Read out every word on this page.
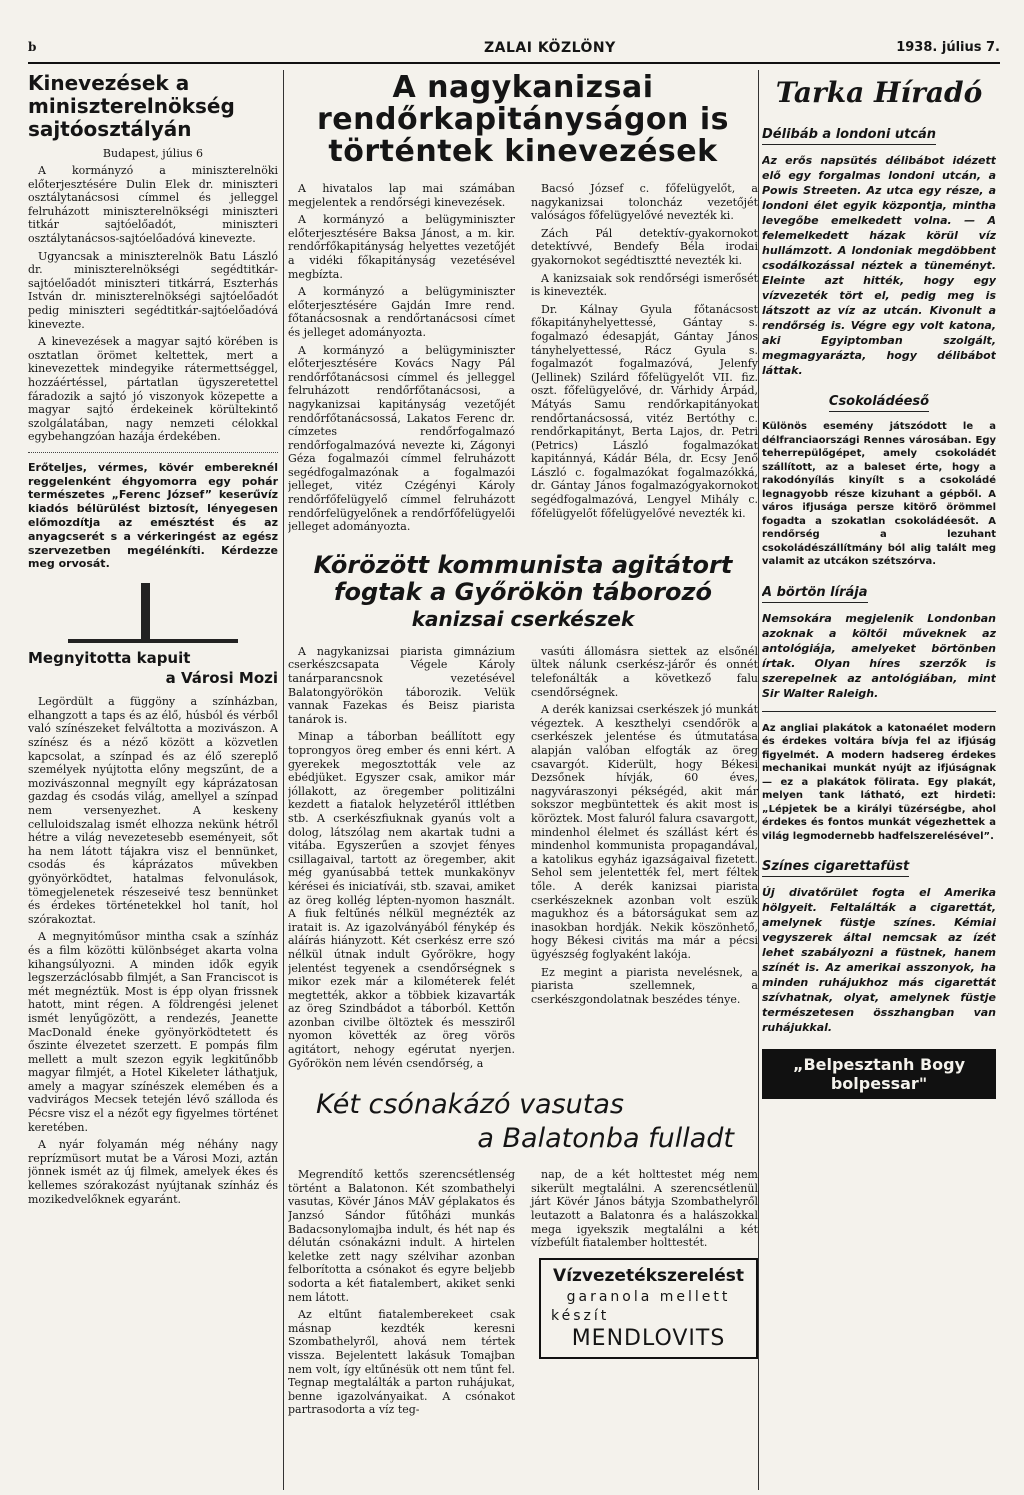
b	ZALAI KÖZLÖNY	1938. július 7.
Kinevezések a miniszterelnökség sajtóosztályán
Budapest, július 6

A kormányzó a miniszterelnöki előterjesztésére Dulin Elek dr. miniszteri osztálytanácsosi címmel és jelleggel felruházott miniszterelnökségi miniszteri titkár sajtóelőadót, miniszteri osztálytanácsos-sajtóelőadóvá kinevezte.

Ugyancsak a miniszterelnök Batu László dr. miniszterelnökségi segédtitkár-sajtóelőadót miniszteri titkárrá, Eszterhás István dr. miniszterelnökségi sajtóelőadót pedig miniszteri segédtitkár-sajtóelőadóvá kinevezte.

A kinevezések a magyar sajtó körében is osztatlan örömet keltettek, mert a kinevezettek mindegyike rátermettséggel, hozzáértéssel, pártatlan ügyszeretettel fáradozik a sajtó jó viszonyok közepette a magyar sajtó érdekeinek körültekintő szolgálatában, nagy nemzeti célokkal egybehangzóan hazája érdekében.

Erőteljes, vérmes, kövér embereknél reggelenként éhgyomorra egy pohár természetes „Ferenc József” keserűvíz kiadós bélürülést biztosít, lényegesen előmozdítja az emésztést és az anyagcserét s a vérkeringést az egész szervezetben megélénkíti. Kérdezze meg orvosát.
Megnyitotta kapuit
a Városi Mozi

Legördült a függöny a színházban, elhangzott a taps és az élő, húsból és vérből való színészeket felváltotta a mozivászon. A színész és a néző között a közvetlen kapcsolat, a színpad és az élő szereplő személyek nyújtotta előny megszűnt, de a mozivászonnal megnyílt egy káprázatosan gazdag és csodás világ, amellyel a színpad nem versenyezhet. A keskeny celluloidszalag ismét elhozza nekünk hétről hétre a világ nevezetesebb eseményeit, sőt ha nem látott tájakra visz el bennünket, csodás és káprázatos művekben gyönyörködtet, hatalmas felvonulások, tömegjelenetek részeseivé tesz bennünket és érdekes történetekkel hol tanít, hol szórakoztat.

A megnyitóműsor mintha csak a színház és a film közötti különbséget akarta volna kihangsúlyozni. A minden idők egyik legszerzáclósabb filmjét, a San Franciscot is mét megnéztük. Most is épp olyan frissnek hatott, mint régen. A földrengési jelenet ismét lenyűgözött, a rendezés, Jeanette MacDonald éneke gyönyörködtetett és őszinte élvezetet szerzett. E pompás film mellett a mult szezon egyik legkitűnőbb magyar filmjét, a Hotel Kikeleteт láthatjuk, amely a magyar színészek elemében és a vadvirágos Mecsek tetején lévő szálloda és Pécsre visz el a nézőt egy figyelmes történet keretében.

A nyár folyamán még néhány nagy reprízmüsort mutat be a Városi Mozi, aztán jönnek ismét az új filmek, amelyek ékes és kellemes szórakozást nyújtanak színház és mozikedvelőknek egyaránt.

A nagykanizsai rendőrkapitányságon is történtek kinevezések

A hivatalos lap mai számában megjelentek a rendőrségi kinevezések.

A kormányzó a belügyminiszter előterjesztésére Baksa Jánost, a m. kir. rendőrfőkapitányság helyettes vezetőjét a vidéki főkapitányság vezetésével megbízta.

A kormányzó a belügyminiszter előterjesztésére Gajdán Imre rend. főtanácsosnak a rendőrtanácsosi címet és jelleget adományozta.

A kormányzó a belügyminiszter előterjesztésére Kovács Nagy Pál rendőrfőtanácsosi címmel és jelleggel felruházott rendőrfőtanácsosi, a nagykanizsai kapitányság vezetőjét rendőrfőtanácsossá, Lakatos Ferenc dr. címzetes rendőrfogalmazó rendőrfogalmazóvá nevezte ki, Zágonyi Géza fogalmazói címmel felruházott segédfogalmazónak a fogalmazói jelleget, vitéz Czégényi Károly rendőrfőfelügyelő címmel felruházott rendőrfelügyelőnek a rendőrfőfelügyelői jelleget adományozta.

Bacsó József c. főfelügyelőt, a nagykanizsai toloncház vezetőjét valóságos főfelügyelővé nevezték ki.

Zách Pál detektív-gyakornokot detektívvé, Bendefy Béla irodai gyakornokot segédtisztté nevezték ki.

A kanizsaiak sok rendőrségi ismerősét is kinevezték.

Dr. Kálnay Gyula főtanácsost főkapitányhelyettessé, Gántay s. fogalmazó édesapját, Gántay János tányhelyettessé, Rácz Gyula s. fogalmazót fogalmazóvá, Jelenfy (Jellinek) Szilárd főfelügyelőt VII. fiz. oszt. főfelügyelővé, dr. Várhidy Árpád, Mátyás Samu rendőrkapitányokat rendőrtanácsossá, vitéz Bertóthy c. rendőrkapitányt, Berta Lajos, dr. Petri (Petrics) László fogalmazókat kapitánnyá, Kádár Béla, dr. Ecsy Jenő László c. fogalmazókat fogalmazókká, dr. Gántay János fogalmazógyakornokot segédfogalmazóvá, Lengyel Mihály c. főfelügyelőt főfelügyelővé nevezték ki.

Körözött kommunista agitátort
fogtak a Győrökön táborozó
kanizsai cserkészek

A nagykanizsai piarista gimnázium cserkészcsapata Végele Károly tanárparancsnok vezetésével Balatongyörökön táborozik. Velük vannak Fazekas és Beisz piarista tanárok is.

Minap a táborban beállított egy toprongyos öreg ember és enni kért. A gyerekek megosztották vele az ebédjüket. Egyszer csak, amikor már jóllakott, az öregember politizálni kezdett a fiatalok helyzetéről ittlétben stb. A cserkészfiuknak gyanús volt a dolog, látszólag nem akartak tudni a vitába. Egyszerűen a szovjet fényes csillagaival, tartott az öregember, akit még gyanúsabbá tettek munkakönyv kérései és iniciatívái, stb. szavai, amiket az öreg kollég lépten-nyomon használt. A fiuk feltűnés nélkül megnézték az iratait is. Az igazolványából fénykép és aláírás hiányzott. Két cserkész erre szó nélkül útnak indult Győrökre, hogy jelentést tegyenek a csendőrségnek s mikor ezek már a kilométerek felét megtették, akkor a többiek kizavarták az öreg Szindbádot a táborból. Kettőn azonban civilbe öltöztek és messziről nyomon követték az öreg vörös agitátort, nehogy egérutat nyerjen. Győrökön nem lévén csendőrség, a

vasúti állomásra siettek az elsőnél ültek nálunk cserkész-járőr és onnét telefonálták a következő falu csendőrségnek.

A derék kanizsai cserkészek jó munkát végeztek. A keszthelyi csendőrök a cserkészek jelentése és útmutatása alapján valóban elfogták az öreg csavargót. Kiderült, hogy Békesi Dezsőnek hívják, 60 éves, nagyváraszonyi pékségéd, akit már sokszor megbüntettek és akit most is köröztek. Most faluról falura csavargott, mindenhol élelmet és szállást kért és mindenhol kommunista propagandával, a katolikus egyház igazságaival fizetett. Sehol sem jelentették fel, mert féltek tőle. A derék kanizsai piarista cserkészeknek azonban volt eszük magukhoz és a bátorságukat sem az inasokban hordják. Nekik köszönhető, hogy Békesi civitás ma már a pécsi ügyészség foglyaként lakója.

Ez megint a piarista nevelésnek, a piarista szellemnek, a cserkészgondolatnak beszédes ténye.

Két csónakázó vasutas
a Balatonba fulladt

Megrendítő kettős szerencsétlenség történt a Balatonon. Két szombathelyi vasutas, Kövér János MÁV géplakatos és Janzsó Sándor fűtőházi munkás Badacsonylomajba indult, és hét nap és délután csónakázni indult. A hirtelen keletke zett nagy szélvihar azonban felborította a csónakot és egyre beljebb sodorta a két fiatalembert, akiket senki nem látott.

Az eltűnt fiatalemberekeet csak másnap kezdték keresni Szombathelyről, ahová nem tértek vissza. Bejelentett lakásuk Tomajban nem volt, így eltűnésük ott nem tűnt fel. Tegnap megtalálták a parton ruhájukat, benne igazolványaikat. A csónakot partrasodorta a víz teg-

nap, de a két holttestet még nem sikerült megtalálni. A szerencsétlenül járt Kövér János bátyja Szombathelyről leutazott a Balatonra és a halászokkal mega igyekszik megtalálni a két vízbefúlt fiatalember holttestét.

Vízvezetékszerelést
garanola mellett
készít
MENDLOVITS
Tarka Híradó
Délibáb a londoni utcán
Az erős napsütés délibábot idézett elő egy forgalmas londoni utcán, a Powis Streeten. Az utca egy része, a londoni élet egyik központja, mintha levegőbe emelkedett volna. — A felemelkedett házak körül víz hullámzott. A londoniak megdöbbent csodálkozással néztek a tüneményt. Eleinte azt hitték, hogy egy vízvezeték tört el, pedig meg is látszott az víz az utcán. Kivonult a rendőrség is. Végre egy volt katona, aki Egyiptomban szolgált, megmagyarázta, hogy délibábot láttak.
Csokoládéeső
Különös esemény játszódott le a délfranciaországi Rennes városában. Egy teherrepülőgépet, amely csokoládét szállított, az a baleset érte, hogy a rakodónyílás kinyílt s a csokoládé legnagyobb része kizuhant a gépből. A város ifjusága persze kitörő örömmel fogadta a szokatlan csokoládéesőt. A rendőrség a lezuhant csokoládészállítmány ból alig talált meg valamit az utcákon szétszórva.
A börtön lírája
Nemsokára megjelenik Londonban azoknak a költői műveknek az antológiája, amelyeket börtönben írtak. Olyan híres szerzők is szerepelnek az antológiában, mint Sir Walter Raleigh.
Az angliai plakátok a katonaélet modern és érdekes voltára bívja fel az ifjúság figyelmét. A modern hadsereg érdekes mechanikai munkát nyújt az ifjúságnak — ez a plakátok fölirata. Egy plakát, melyen tank látható, ezt hirdeti: „Lépjetek be a királyi tüzérségbe, ahol érdekes és fontos munkát végezhettek a világ legmodernebb hadfelszerelésével”.
Színes cigarettafüst
Új divatőrület fogta el Amerika hölgyeit. Feltalálták a cigarettát, amelynek füstje színes. Kémiai vegyszerek által nemcsak az ízét lehet szabályozni a füstnek, hanem színét is. Az amerikai asszonyok, ha minden ruhájukhoz más cigarettát szívhatnak, olyat, amelynek füstje természetesen összhangban van ruhájukkal.
„Belpesztanh Bogy bolpessar"
